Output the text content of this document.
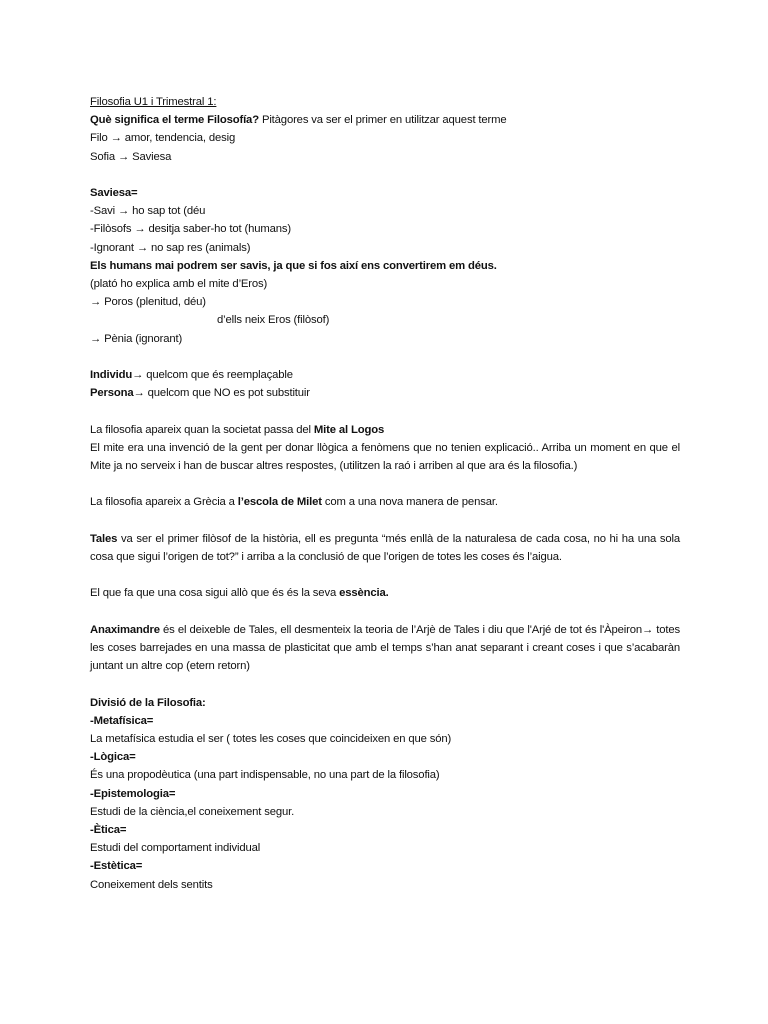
Filosofia U1 i Trimestral 1:
Què significa el terme Filosofía? Pitàgores va ser el primer en utilitzar aquest terme
Filo → amor, tendencia, desig
Sofia → Saviesa
Saviesa=
-Savi → ho sap tot (déu
-Filòsofs → desitja saber-ho tot (humans)
-Ignorant → no sap res (animals)
Els humans mai podrem ser savis, ja que si fos així ens convertirem em déus.
(plató ho explica amb el mite d’Eros)
→ Poros (plenitud, déu)
d’ells neix Eros (filòsof)
→ Pènia (ignorant)
Individu→ quelcom que és reemplaçable
Persona→ quelcom que NO es pot substituir
La filosofia apareix quan la societat passa del Mite al Logos
El mite era una invenció de la gent per donar llògica a fenòmens que no tenien explicació.. Arriba un moment en que el Mite ja no serveix i han de buscar altres respostes, (utilitzen la raó i arriben al que ara és la filosofia.)
La filosofia apareix a Grècia a l’escola de Milet com a una nova manera de pensar.
Tales va ser el primer filòsof de la història, ell es pregunta “més enllà de la naturalesa de cada cosa, no hi ha una sola cosa que sigui l’origen de tot?” i arriba a la conclusió de que l’origen de totes les coses és l’aigua.
El que fa que una cosa sigui allò que és és la seva essència.
Anaximandre és el deixeble de Tales, ell desmenteix la teoria de l’Arjè de Tales i diu que l'Arjé de tot és l'Àpeiron→ totes les coses barrejades en una massa de plasticitat que amb el temps s’han anat separant i creant coses i que s’acabaràn juntant un altre cop (etern retorn)
Divisió de la Filosofia:
-Metafísica=
La metafísica estudia el ser ( totes les coses que coincideixen en que són)
-Lògica=
És una propodèutica (una part indispensable, no una part de la filosofia)
-Epistemologia=
Estudi de la ciència,el coneixement segur.
-Ètica=
Estudi del comportament individual
-Estètica=
Coneixement dels sentits
